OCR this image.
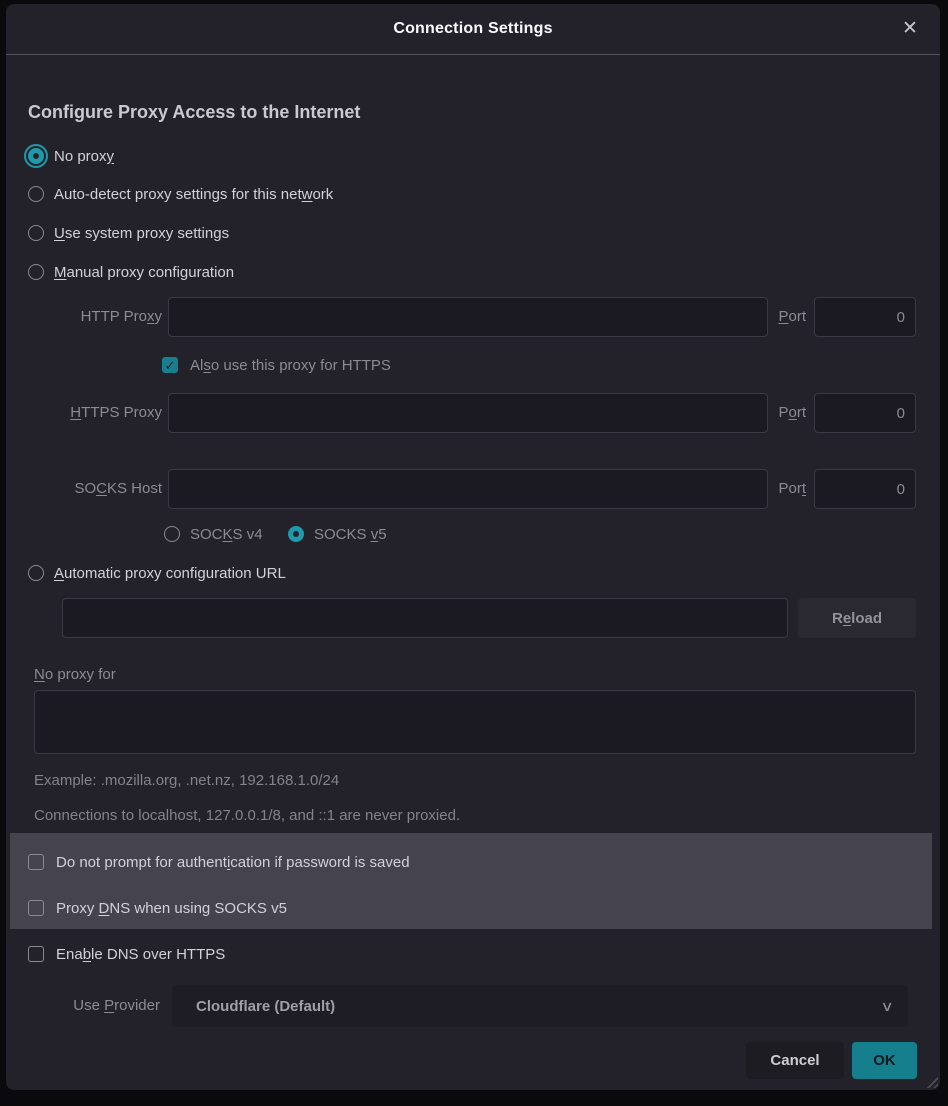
Connection Settings	✕
Configure Proxy Access to the Internet
No proxy
Auto-detect proxy settings for this network
Use system proxy settings
Manual proxy configuration
HTTP Proxy	Port
0
✓ Also use this proxy for HTTPS
HTTPS Proxy	Port
0
SOCKS Host	Port
0
SOCKS v4	SOCKS v5
Automatic proxy configuration URL
R e load
No proxy for
Example: .mozilla.org, .net.nz, 192.168.1.0/24
Connections to localhost, 127.0.0.1/8, and ::1 are never proxied.
Do not prompt for authentication if password is saved
Proxy DNS when using SOCKS v5
Enable DNS over HTTPS
Use Provider Cloudflare (Default)	∨
Cancel	OK
